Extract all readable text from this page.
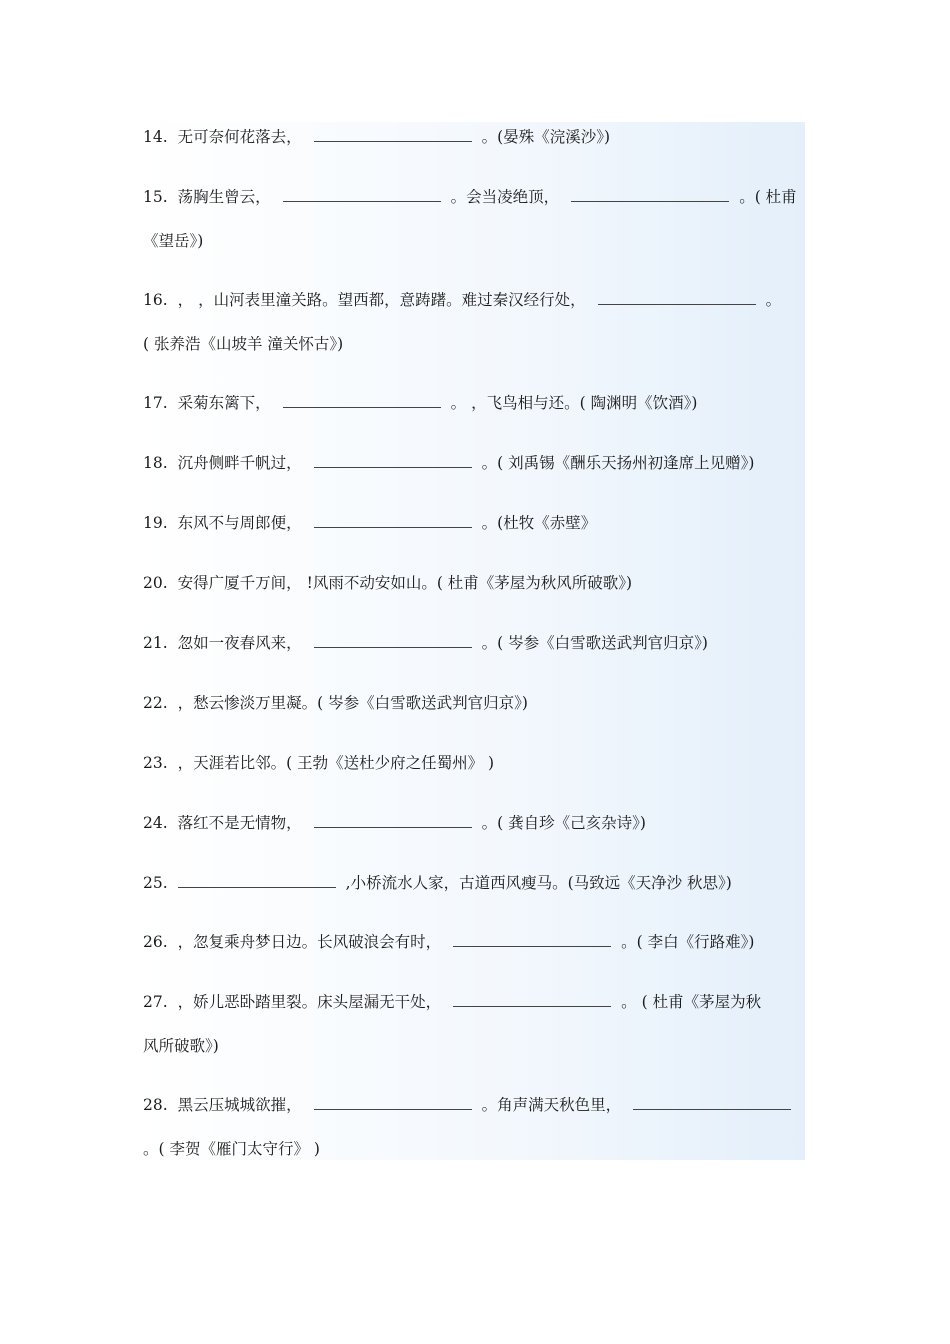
14. 无可奈何花落去，	。(晏殊《浣溪沙》)
15. 荡胸生曾云，	。会当凌绝顶，	。( 杜甫
《望岳》)
16. ， ，山河表里潼关路。望西都，意踌躇。难过秦汉经行处，	。
( 张养浩《山坡羊 潼关怀古》)
17. 采菊东篱下，	。 ，飞鸟相与还。( 陶渊明《饮酒》)
18. 沉舟侧畔千帆过，	。( 刘禹锡《酬乐天扬州初逢席上见赠》)
19. 东风不与周郎便，	。(杜牧《赤壁》
20. 安得广厦千万间， !风雨不动安如山。( 杜甫《茅屋为秋风所破歌》)
21. 忽如一夜春风来，	。( 岑参《白雪歌送武判官归京》)
22. ，愁云惨淡万里凝。( 岑参《白雪歌送武判官归京》)
23. ，天涯若比邻。( 王勃《送杜少府之任蜀州》 )
24. 落红不是无情物，	。( 龚自珍《己亥杂诗》)
25.	,小桥流水人家，古道西风瘦马。(马致远《天净沙 秋思》)
26. ，忽复乘舟梦日边。长风破浪会有时，	。( 李白《行路难》)
27. ，娇儿恶卧踏里裂。床头屋漏无干处，	。 ( 杜甫《茅屋为秋
风所破歌》)
28. 黑云压城城欲摧，	。角声满天秋色里，
。( 李贺《雁门太守行》 )
